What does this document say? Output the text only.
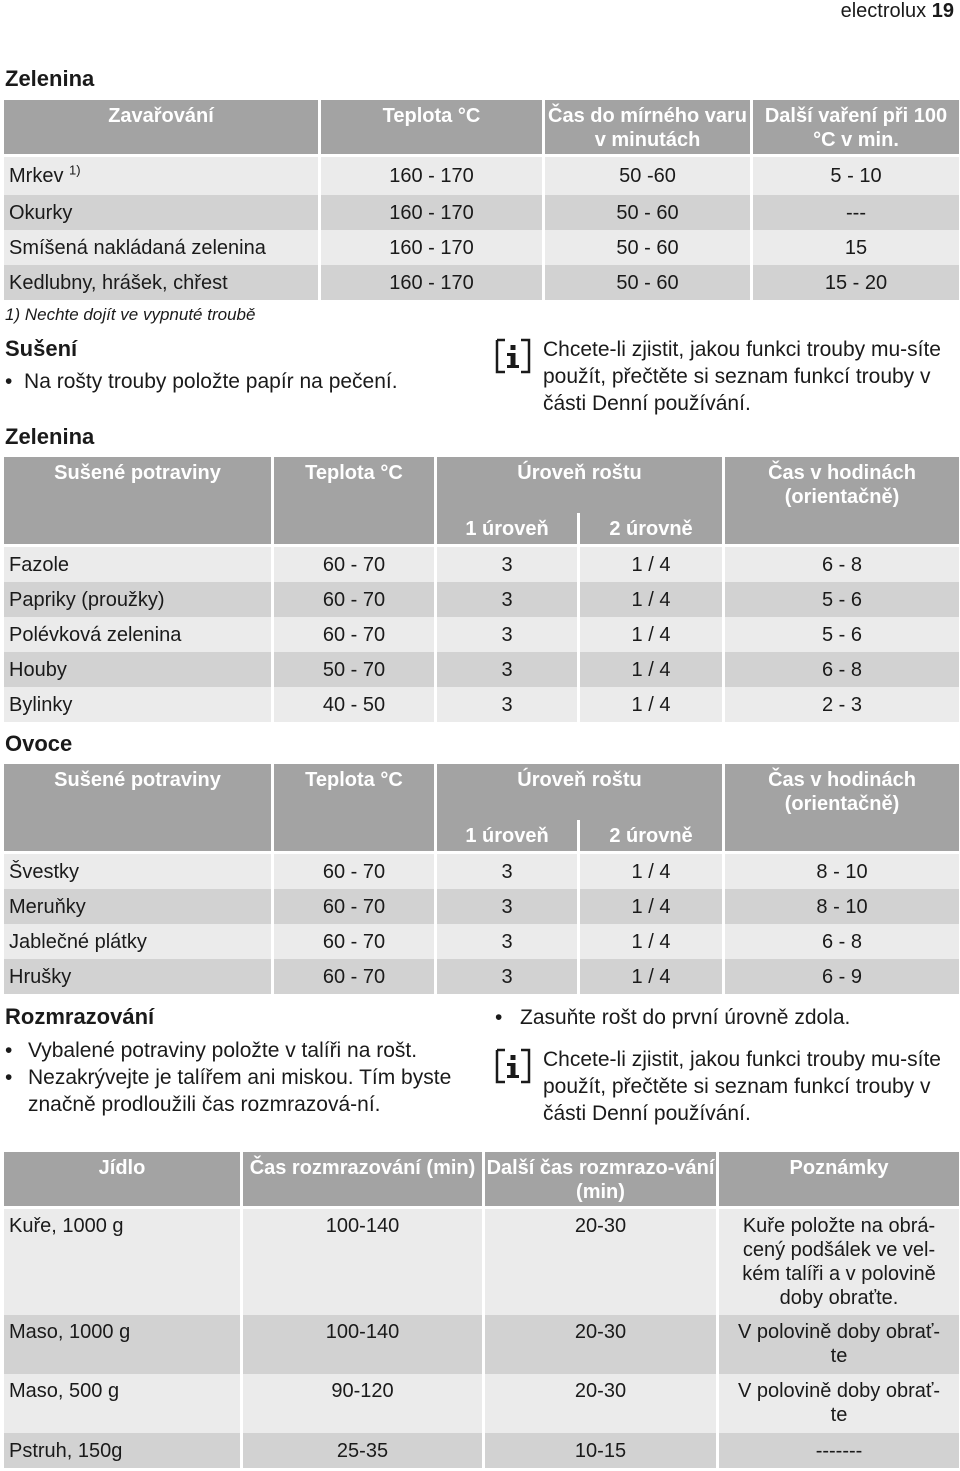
electrolux 19
Zelenina
Zavařování	Teplota °C	Čas do mírného varu v minutách	Další vaření při 100 °C v min.
Mrkev $^{1)}$	160 - 170	50 -60	5 - 10
Okurky	160 - 170	50 - 60	---
Smíšená nakládaná zelenina	160 - 170	50 - 60	15
Kedlubny, hrášek, chřest	160 - 170	50 - 60	15 - 20
1) Nechte dojít ve vypnuté troubě
Sušení
• Na rošty trouby položte papír na pečení.
Chcete-li zjistit, jakou funkci trouby mu-síte použít, přečtěte si seznam funkcí trouby v části Denní používání.
Zelenina
Sušené potraviny	Teplota °C	Úroveň roštu		Čas v hodinách (orientačně)
		1 úroveň	2 úrovně	
Fazole	60 - 70	3	1 / 4	6 - 8
Papriky (proužky)	60 - 70	3	1 / 4	5 - 6
Polévková zelenina	60 - 70	3	1 / 4	5 - 6
Houby	50 - 70	3	1 / 4	6 - 8
Bylinky	40 - 50	3	1 / 4	2 - 3
Ovoce
Sušené potraviny	Teplota °C	Úroveň roštu		Čas v hodinách (orientačně)
		1 úroveň	2 úrovně	
Švestky	60 - 70	3	1 / 4	8 - 10
Meruňky	60 - 70	3	1 / 4	8 - 10
Jablečné plátky	60 - 70	3	1 / 4	6 - 8
Hrušky	60 - 70	3	1 / 4	6 - 9
Rozmrazování
• Vybalené potraviny položte v talíři na rošt.
• Nezakrývejte je talířem ani miskou. Tím byste značně prodloužili čas rozmrazová-ní.
• Zasuňte rošt do první úrovně zdola.
Chcete-li zjistit, jakou funkci trouby mu-síte použít, přečtěte si seznam funkcí trouby v části Denní používání.
Jídlo	Čas rozmrazování (min)	Další čas rozmrazo-vání (min)	Poznámky
Kuře, 1000 g	100-140	20-30	Kuře položte na obrá-cený podšálek ve vel-kém talíři a v polovině doby obraťte.
Maso, 1000 g	100-140	20-30	V polovině doby obrať-te
Maso, 500 g	90-120	20-30	V polovině doby obrať-te
Pstruh, 150g	25-35	10-15	-------
